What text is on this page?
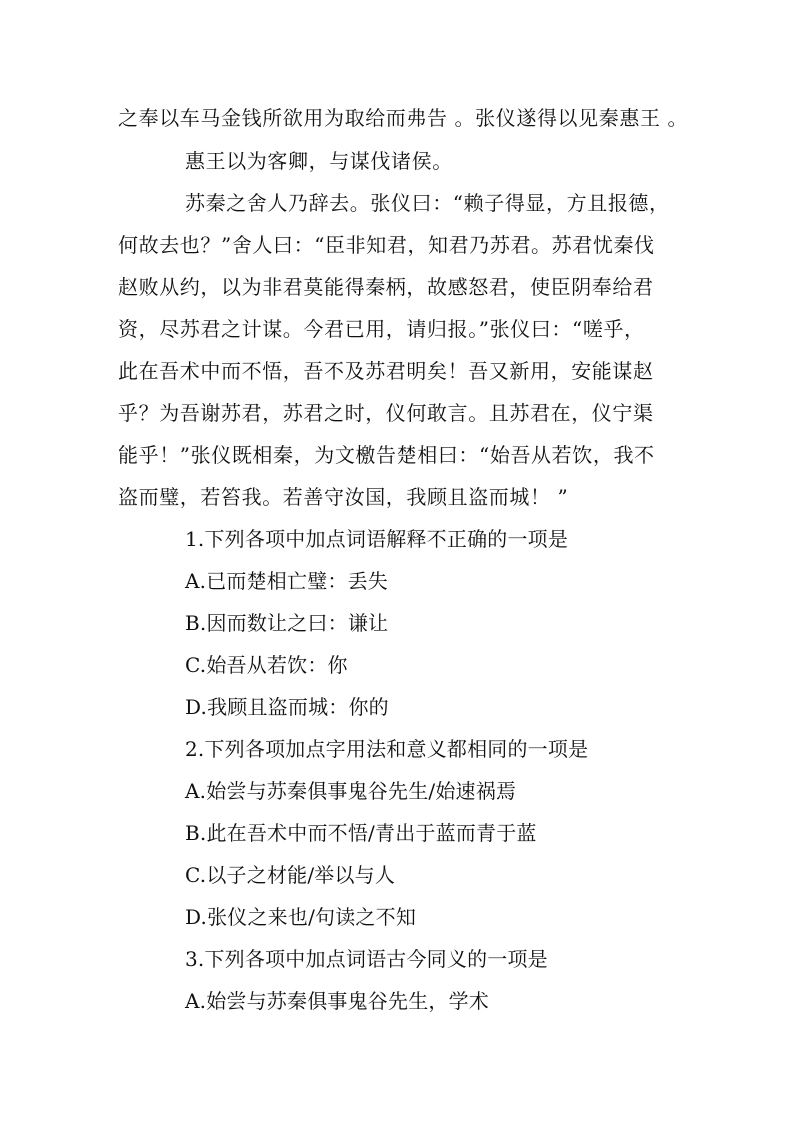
之奉以车马金钱所欲用为取给而弗告 。张仪遂得以见秦惠王 。
惠王以为客卿，与谋伐诸侯。
苏秦之舍人乃辞去。张仪曰：“赖子得显，方且报德，
何故去也？”舍人曰：“臣非知君，知君乃苏君。苏君忧秦伐
赵败从约，以为非君莫能得秦柄，故感怒君，使臣阴奉给君
资，尽苏君之计谋。今君已用，请归报。”张仪曰：“嗟乎，
此在吾术中而不悟，吾不及苏君明矣！吾又新用，安能谋赵
乎？为吾谢苏君，苏君之时，仪何敢言。且苏君在，仪宁渠
能乎！”张仪既相秦，为文檄告楚相曰：“始吾从若饮，我不
盗而璧，若笞我。若善守汝国，我顾且盗而城！ ”
1.下列各项中加点词语解释不正确的一项是
A.已而楚相亡璧：丢失
B.因而数让之曰：谦让
C.始吾从若饮：你
D.我顾且盗而城：你的
2.下列各项加点字用法和意义都相同的一项是
A.始尝与苏秦俱事鬼谷先生/始速祸焉
B.此在吾术中而不悟/青出于蓝而青于蓝
C.以子之材能/举以与人
D.张仪之来也/句读之不知
3.下列各项中加点词语古今同义的一项是
A.始尝与苏秦俱事鬼谷先生，学术
